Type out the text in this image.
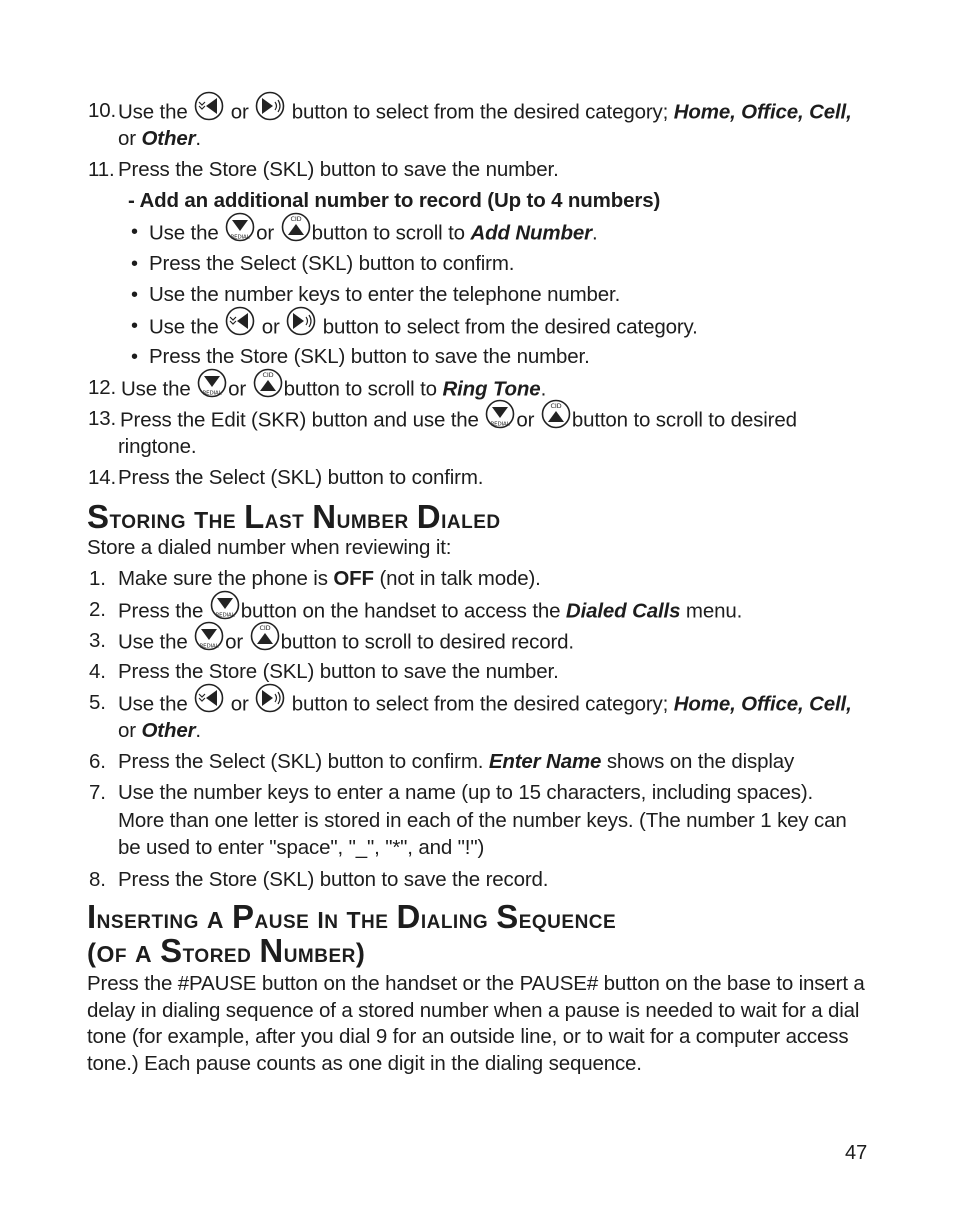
10. Use the or button to select from the desired category; Home, Office, Cell,
or Other.
11. Press the Store (SKL) button to save the number.
- Add an additional number to record (Up to 4 numbers)
• Use the REDIAL or
CID
button to scroll to Add Number.
• Press the Select (SKL) button to confirm.
• Use the number keys to enter the telephone number.
• Use the or button to select from the desired category.
• Press the Store (SKL) button to save the number.
12. Use the REDIAL or
CID
button to scroll to Ring Tone.
13. Press the Edit (SKR) button and use the REDIAL or
CID
button to scroll to desired
ringtone.
14. Press the Select (SKL) button to confirm.
Storing the Last Number Dialed
Store a dialed number when reviewing it:
1. Make sure the phone is OFF (not in talk mode).
2. Press the REDIAL button on the handset to access the Dialed Calls menu.
3. Use the REDIAL or
CID
button to scroll to desired record.
4. Press the Store (SKL) button to save the number.
5. Use the or button to select from the desired category; Home, Office, Cell,
or Other.
6. Press the Select (SKL) button to confirm. Enter Name shows on the display
7. Use the number keys to enter a name (up to 15 characters, including spaces).
More than one letter is stored in each of the number keys. (The number 1 key can
be used to enter "space", "_", "*", and "!")
8. Press the Store (SKL) button to save the record.
Inserting a Pause in the Dialing Sequence
(of a Stored Number)
Press the #PAUSE button on the handset or the PAUSE# button on the base to insert a delay in dialing sequence of a stored number when a pause is needed to wait for a dial tone (for example, after you dial 9 for an outside line, or to wait for a computer access tone.) Each pause counts as one digit in the dialing sequence.
47
